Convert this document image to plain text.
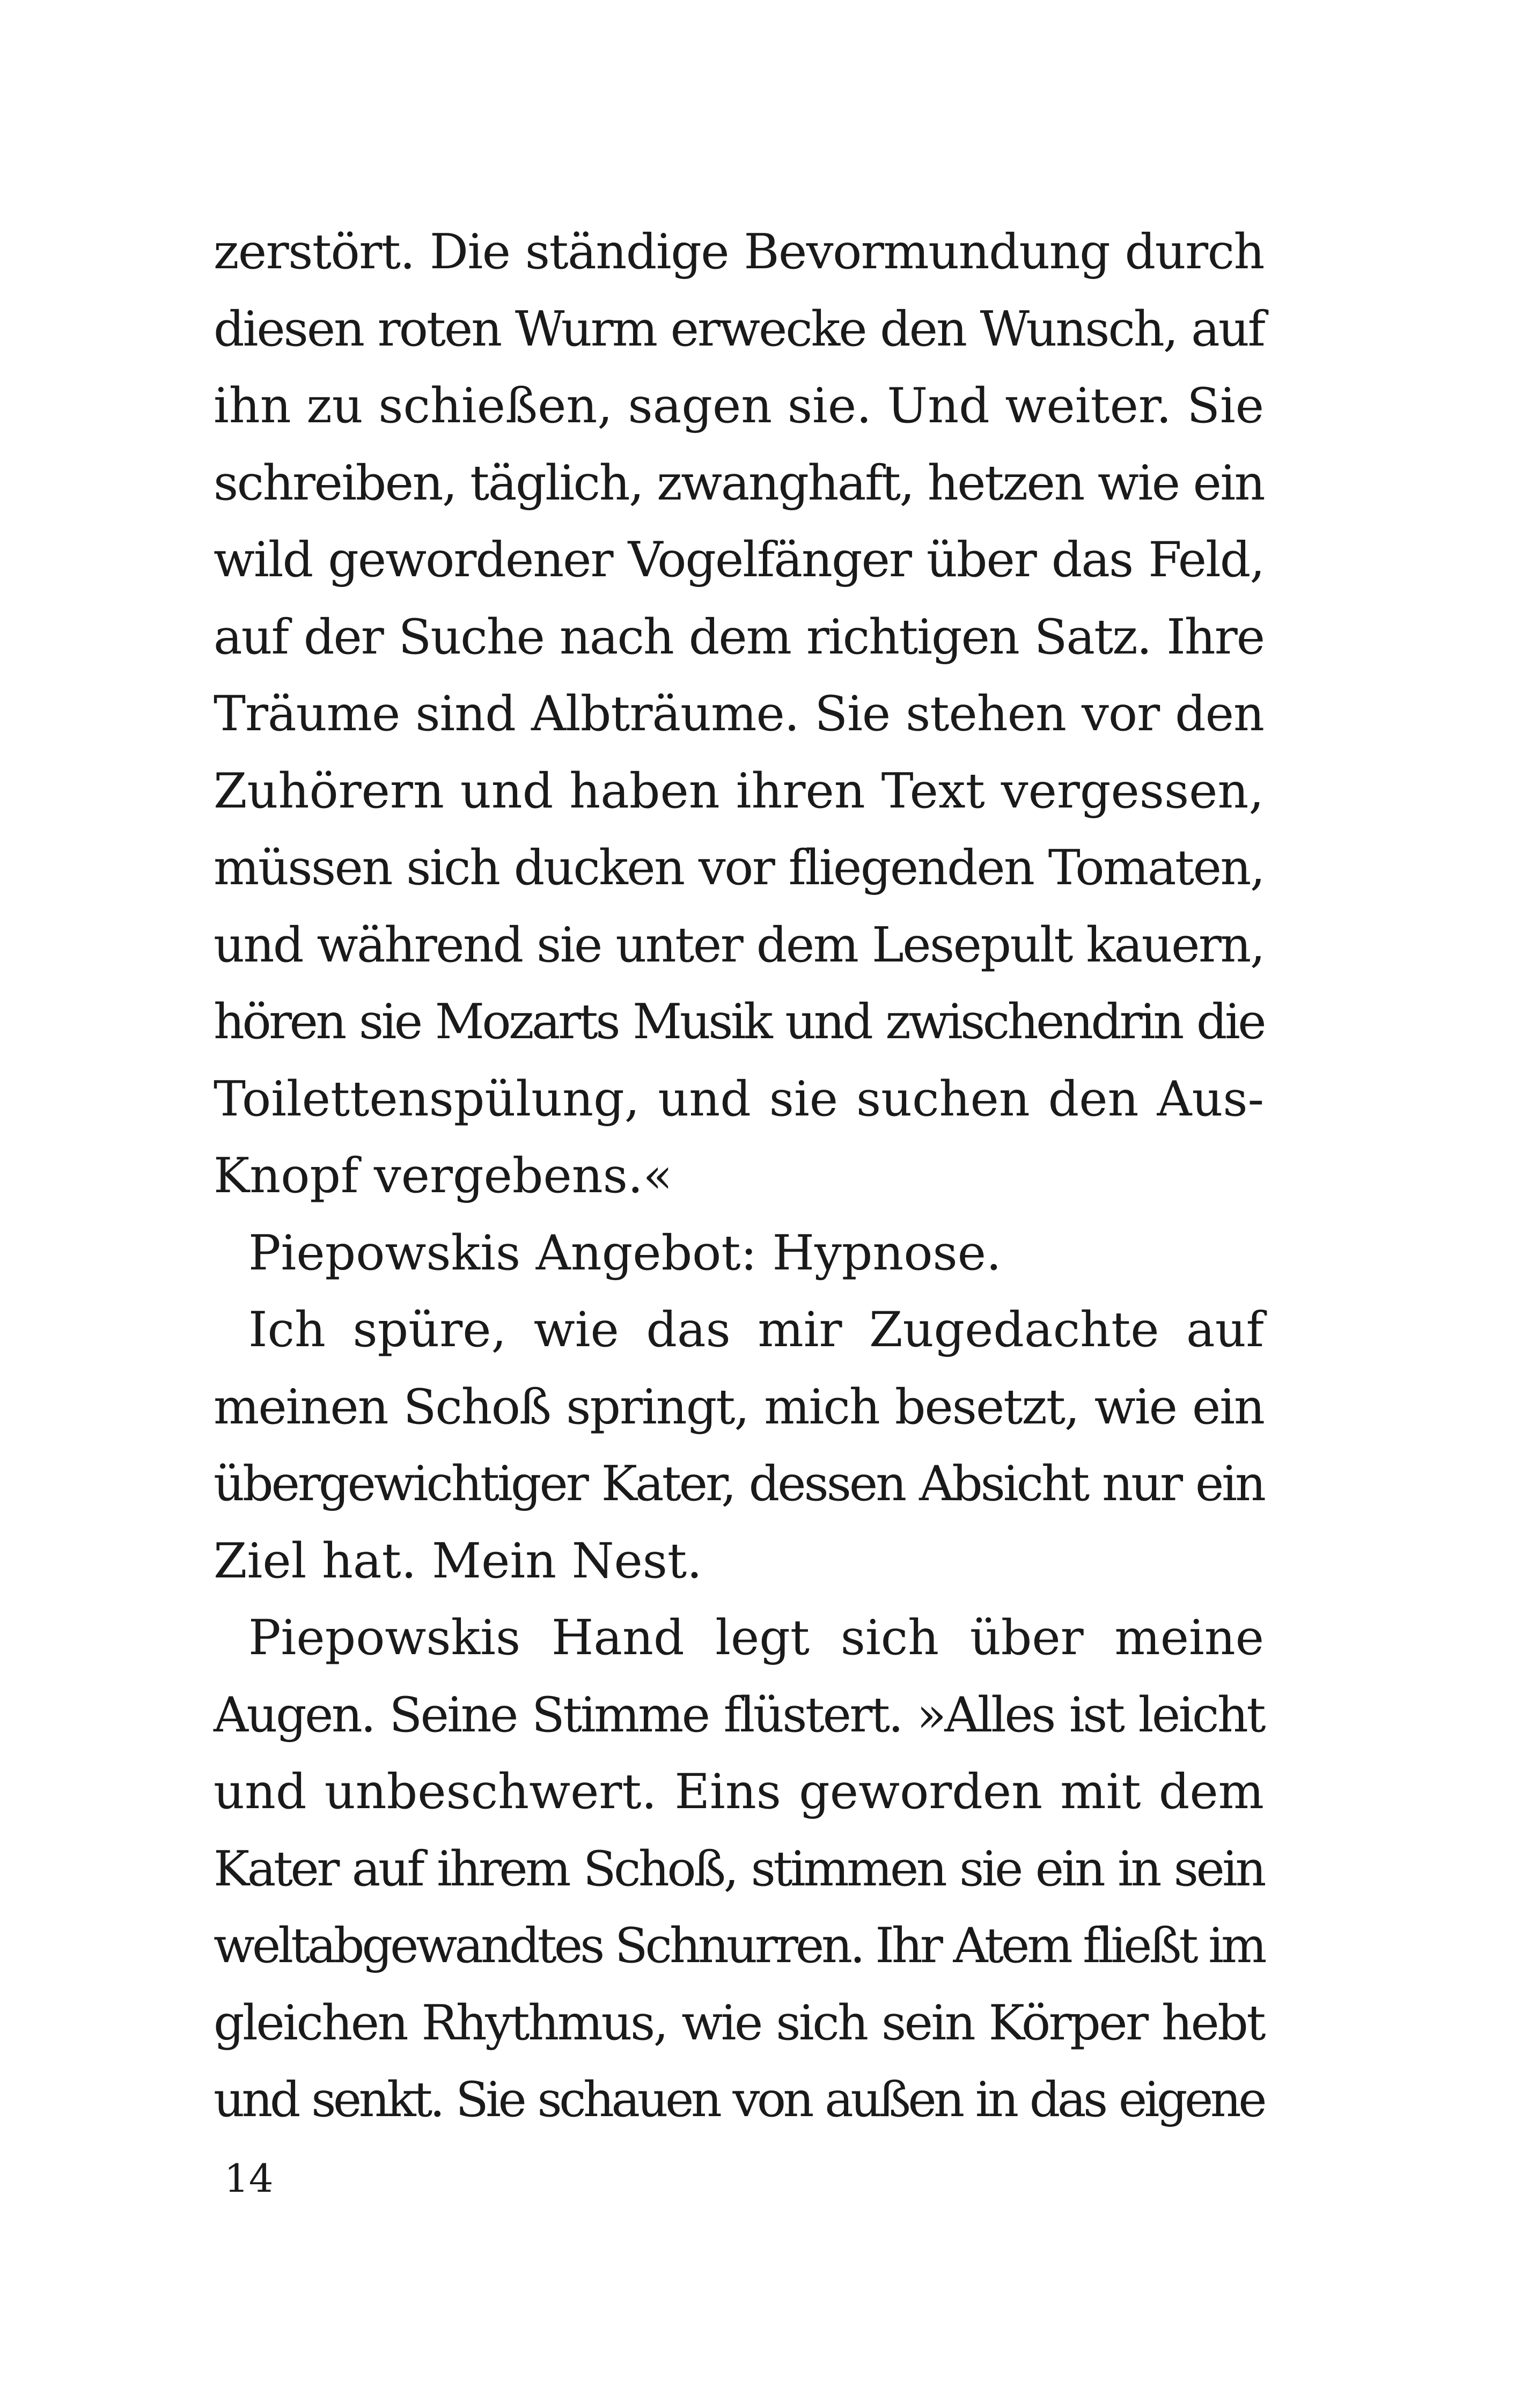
zerstört. Die ständige Bevormundung durch
diesen roten Wurm erwecke den Wunsch, auf
ihn zu schießen, sagen sie. Und weiter. Sie
schreiben, täglich, zwanghaft, hetzen wie ein
wild gewordener Vogelfänger über das Feld,
auf der Suche nach dem richtigen Satz. Ihre
Träume sind Albträume. Sie stehen vor den
Zuhörern und haben ihren Text vergessen,
müssen sich ducken vor fliegenden Tomaten,
und während sie unter dem Lesepult kauern,
hören sie Mozarts Musik und zwischendrin die
Toilettenspülung, und sie suchen den Aus-
Knopf vergebens.«
Piepowskis Angebot: Hypnose.
Ich spüre, wie das mir Zugedachte auf
meinen Schoß springt, mich besetzt, wie ein
übergewichtiger Kater, dessen Absicht nur ein
Ziel hat. Mein Nest.
Piepowskis Hand legt sich über meine
Augen. Seine Stimme flüstert. »Alles ist leicht
und unbeschwert. Eins geworden mit dem
Kater auf ihrem Schoß, stimmen sie ein in sein
weltabgewandtes Schnurren. Ihr Atem fließt im
gleichen Rhythmus, wie sich sein Körper hebt
und senkt. Sie schauen von außen in das eigene
14
